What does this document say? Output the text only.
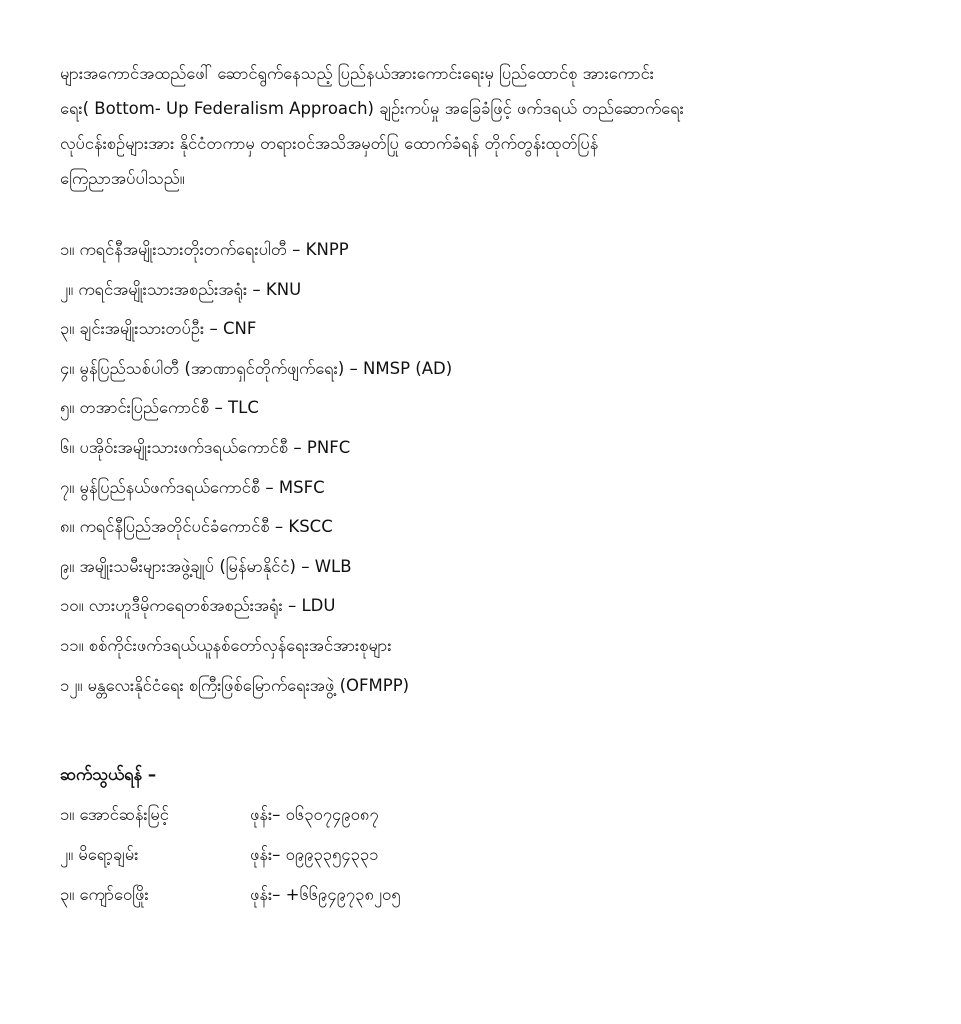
များအကောင်အထည်ဖေါ် ဆောင်ရွက်နေသည့် ပြည်နယ်အားကောင်းရေးမှ ပြည်ထောင်စု အားကောင်း
ရေး( Bottom- Up Federalism Approach) ချဉ်းကပ်မှု အခြေခံဖြင့် ဖက်ဒရယ် တည်ဆောက်ရေး
လုပ်ငန်းစဉ်များအား နိုင်ငံတကာမှ တရားဝင်အသိအမှတ်ပြု ထောက်ခံရန် တိုက်တွန်းထုတ်ပြန်
ကြေညာအပ်ပါသည်။

၁။ ကရင်နီအမျိုးသားတိုးတက်ရေးပါတီ – KNPP
၂။ ကရင်အမျိုးသားအစည်းအရုံး – KNU
၃။ ချင်းအမျိုးသားတပ်ဦး – CNF
၄။ မွန်ပြည်သစ်ပါတီ (အာဏာရှင်တိုက်ဖျက်ရေး) – NMSP (AD)
၅။ တအာင်းပြည်ကောင်စီ – TLC
၆။ ပအိုဝ်းအမျိုးသားဖက်ဒရယ်ကောင်စီ – PNFC
၇။ မွန်ပြည်နယ်ဖက်ဒရယ်ကောင်စီ – MSFC
၈။ ကရင်နီပြည်အတိုင်ပင်ခံကောင်စီ – KSCC
၉။ အမျိုးသမီးများအဖွဲ့ချုပ် (မြန်မာနိုင်ငံ) – WLB
၁၀။ လားဟူဒီမိုကရေတစ်အစည်းအရုံး – LDU
၁၁။ စစ်ကိုင်းဖက်ဒရယ်ယူနစ်တော်လှန်ရေးအင်အားစုများ
၁၂။ မန္တလေးနိုင်ငံရေး စကြီးဖြစ်မြောက်ရေးအဖွဲ့ (OFMPP)
ဆက်သွယ်ရန် –
၁။ အောင်ဆန်းမြင့်	ဖုန်း– ၀၆၃၀၇၄၉၀၈၇
၂။ မိရော့ချမ်း	ဖုန်း– ၀၉၉၃၃၅၄၃၃၁
၃။ ကျော်ဝေဖြိုး	ဖုန်း– +၆၆၉၄၉၇၃၈၂၀၅
